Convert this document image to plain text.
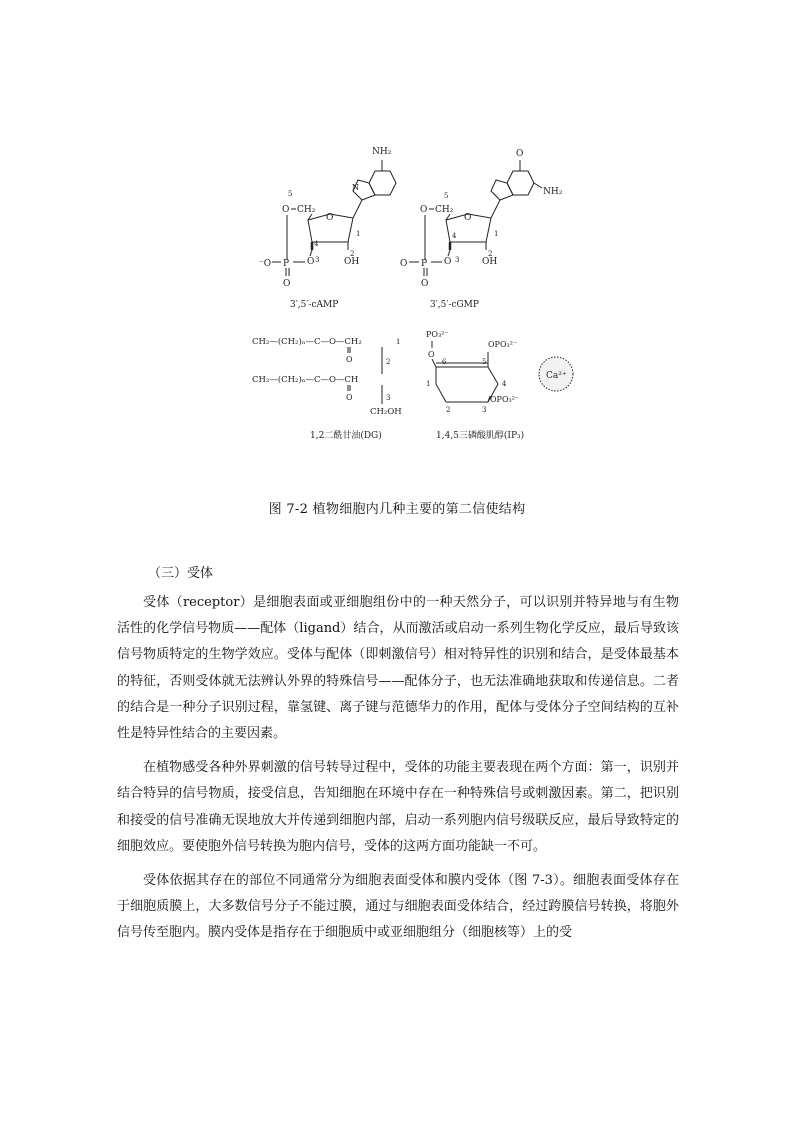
NH₂
N
O
OH
1
4
3
2
5
O CH₂
O
P
⁻O
O
3′,5′-cAMP
O
NH₂
O
OH
1
4
3
2
5
O CH₂
O
P
O
O
3′,5′-cGMP
CH₂—(CH₂)ₙ—C—O—CH₂
O	2
CH₂—(CH₂)ₙ—C—O—CH
O	3
CH₂OH
1
1,2二酰甘油(DG)
PO₃²⁻
O
6	5
1	4
2	3
OPO₃²⁻
OPO₃²⁻
1,4,5三磷酸肌醇(IP₃)
Ca²⁺
图 7-2 植物细胞内几种主要的第二信使结构
（三）受体

受体（receptor）是细胞表面或亚细胞组份中的一种天然分子，可以识别并特异地与有生物活性的化学信号物质——配体（ligand）结合，从而激活或启动一系列生物化学反应，最后导致该信号物质特定的生物学效应。受体与配体（即刺激信号）相对特异性的识别和结合，是受体最基本的特征，否则受体就无法辨认外界的特殊信号——配体分子，也无法准确地获取和传递信息。二者的结合是一种分子识别过程，靠氢键、离子键与范德华力的作用，配体与受体分子空间结构的互补性是特异性结合的主要因素。

在植物感受各种外界刺激的信号转导过程中，受体的功能主要表现在两个方面：第一，识别并结合特异的信号物质，接受信息，告知细胞在环境中存在一种特殊信号或刺激因素。第二，把识别和接受的信号准确无误地放大并传递到细胞内部，启动一系列胞内信号级联反应，最后导致特定的细胞效应。要使胞外信号转换为胞内信号，受体的这两方面功能缺一不可。

受体依据其存在的部位不同通常分为细胞表面受体和膜内受体（图 7-3）。细胞表面受体存在于细胞质膜上，大多数信号分子不能过膜，通过与细胞表面受体结合，经过跨膜信号转换，将胞外信号传至胞内。膜内受体是指存在于细胞质中或亚细胞组分（细胞核等）上的受
